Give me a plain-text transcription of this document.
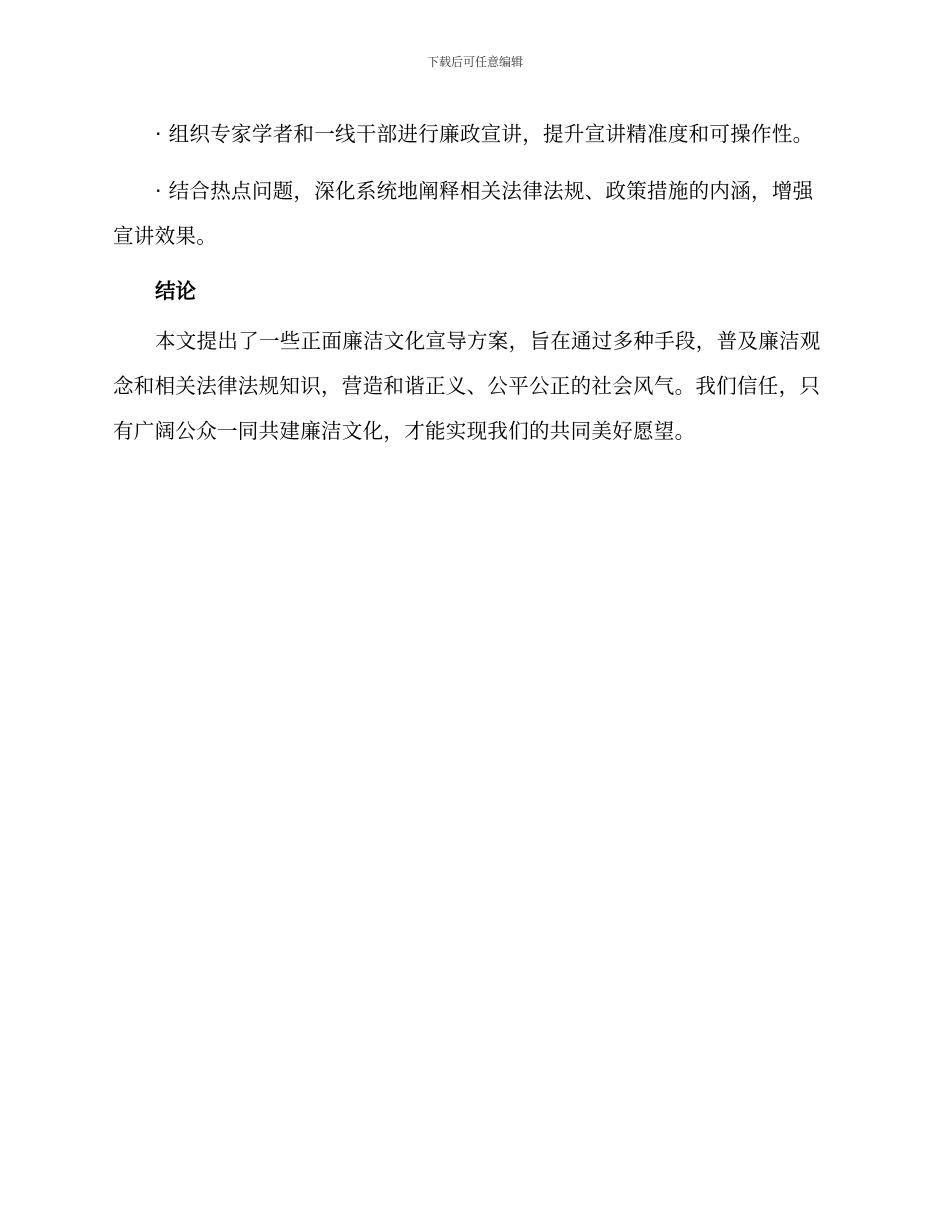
下载后可任意编辑

· 组织专家学者和一线干部进行廉政宣讲，提升宣讲精准度和可操作性。

· 结合热点问题，深化系统地阐释相关法律法规、政策措施的内涵，增强宣讲效果。

结论

本文提出了一些正面廉洁文化宣导方案，旨在通过多种手段，普及廉洁观念和相关法律法规知识，营造和谐正义、公平公正的社会风气。我们信任，只有广阔公众一同共建廉洁文化，才能实现我们的共同美好愿望。
